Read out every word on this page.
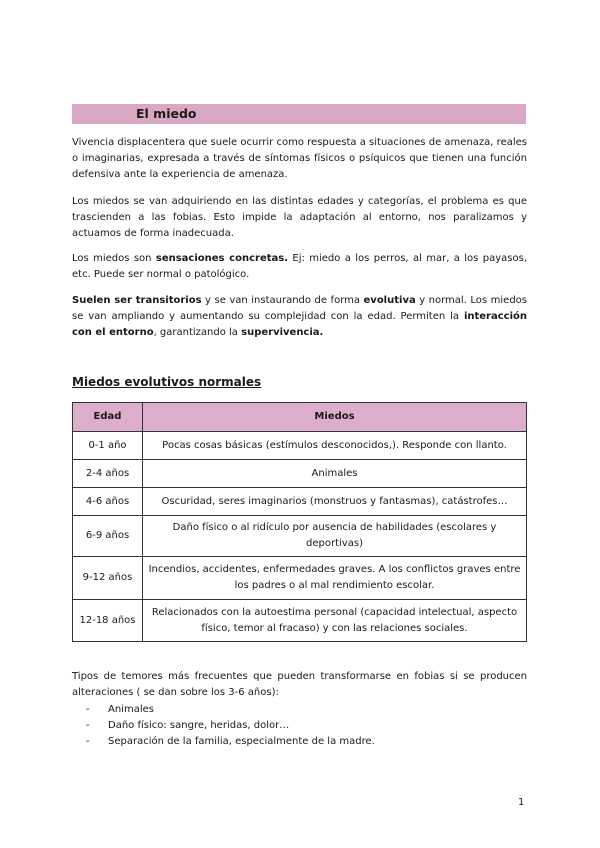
El miedo

Vivencia displacentera que suele ocurrir como respuesta a situaciones de amenaza, reales o imaginarias, expresada a través de síntomas físicos o psíquicos que tienen una función defensiva ante la experiencia de amenaza.

Los miedos se van adquiriendo en las distintas edades y categorías, el problema es que trascienden a las fobias. Esto impide la adaptación al entorno, nos paralizamos y actuamos de forma inadecuada.

Los miedos son sensaciones concretas. Ej: miedo a los perros, al mar, a los payasos, etc. Puede ser normal o patológico.

Suelen ser transitorios y se van instaurando de forma evolutiva y normal. Los miedos se van ampliando y aumentando su complejidad con la edad. Permiten la interacción con el entorno, garantizando la supervivencia.

Miedos evolutivos normales

Edad	Miedos
0-1 año	Pocas cosas básicas (estímulos desconocidos,). Responde con llanto.
2-4 años	Animales
4-6 años	Oscuridad, seres imaginarios (monstruos y fantasmas), catástrofes…
6-9 años	Daño físico o al ridículo por ausencia de habilidades (escolares y deportivas)
9-12 años	Incendios, accidentes, enfermedades graves. A los conflictos graves entre los padres o al mal rendimiento escolar.
12-18 años	Relacionados con la autoestima personal (capacidad intelectual, aspecto físico, temor al fracaso) y con las relaciones sociales.

Tipos de temores más frecuentes que pueden transformarse en fobias si se producen alteraciones ( se dan sobre los 3-6 años):

- Animales
- Daño físico: sangre, heridas, dolor…
- Separación de la familia, especialmente de la madre.
1
